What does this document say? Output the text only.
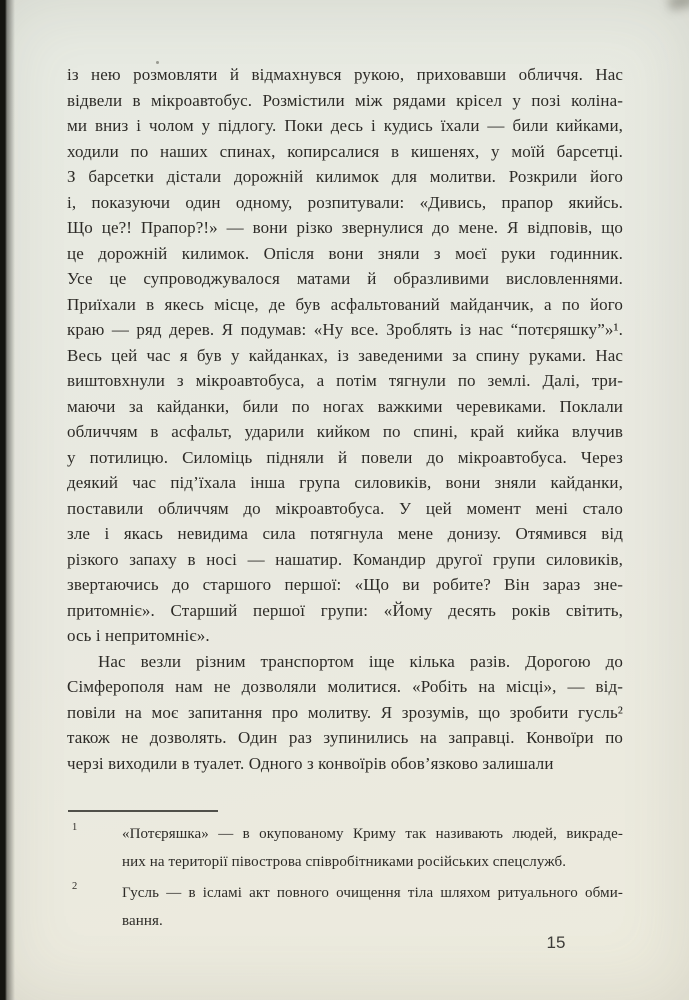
із нею розмовляти й відмахнувся рукою, приховавши обличчя. Нас
відвели в мікроавтобус. Розмістили між рядами крісел у позі коліна-
ми вниз і чолом у підлогу. Поки десь і кудись їхали — били кийками,
ходили по наших спинах, копирсалися в кишенях, у моїй барсетці.
З барсетки дістали дорожній килимок для молитви. Розкрили його
і, показуючи один одному, розпитували: «Дивись, прапор якийсь.
Що це?! Прапор?!» — вони різко звернулися до мене. Я відповів, що
це дорожній килимок. Опісля вони зняли з моєї руки годинник.
Усе це супроводжувалося матами й образливими висловленнями.
Приїхали в якесь місце, де був асфальтований майданчик, а по його
краю — ряд дерев. Я подумав: «Ну все. Зроблять із нас “потєряшку”»¹.
Весь цей час я був у кайданках, із заведеними за спину руками. Нас
виштовхнули з мікроавтобуса, а потім тягнули по землі. Далі, три-
маючи за кайданки, били по ногах важкими черевиками. Поклали
обличчям в асфальт, ударили кийком по спині, край кийка влучив
у потилицю. Силоміць підняли й повели до мікроавтобуса. Через
деякий час під’їхала інша група силовиків, вони зняли кайданки,
поставили обличчям до мікроавтобуса. У цей момент мені стало
зле і якась невидима сила потягнула мене донизу. Отямився від
різкого запаху в носі — нашатир. Командир другої групи силовиків,
звертаючись до старшого першої: «Що ви робите? Він зараз зне-
притомніє». Старший першої групи: «Йому десять років світить,
ось і непритомніє».
Нас везли різним транспортом іще кілька разів. Дорогою до
Сімферополя нам не дозволяли молитися. «Робіть на місці», — від-
повіли на моє запитання про молитву. Я зрозумів, що зробити гусль²
також не дозволять. Один раз зупинились на заправці. Конвоїри по
черзі виходили в туалет. Одного з конвоїрів обов’язково залишали
1	«Потєряшка» — в окупованому Криму так називають людей, викраде-
них на території півострова співробітниками російських спецслужб.
2	Гусль — в ісламі акт повного очищення тіла шляхом ритуального обми-
вання.
15
